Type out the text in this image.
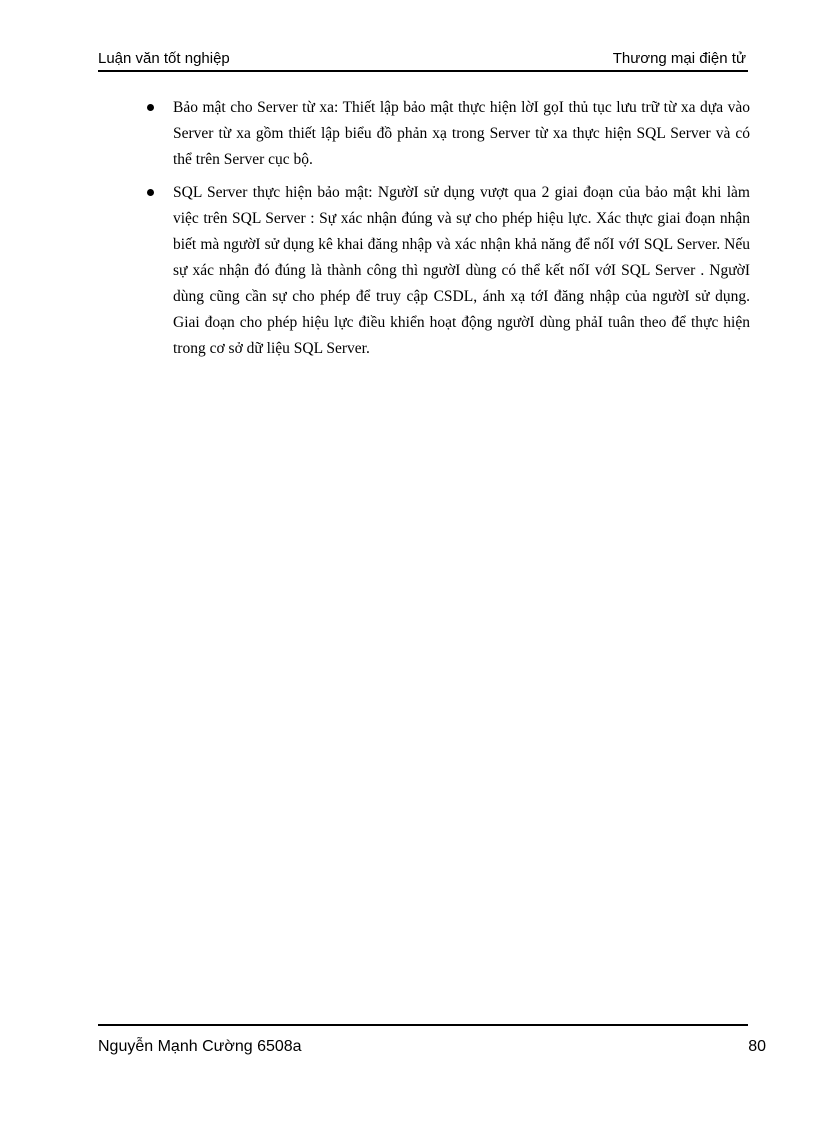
Luận văn tốt nghiệp	Thương mại điện tử
Bảo mật cho Server từ xa: Thiết lập bảo mật thực hiện lờI gọI thủ tục lưu trữ từ xa dựa vào Server từ xa gồm thiết lập biểu đồ phản xạ trong Server từ xa thực hiện SQL Server và có thể trên Server cục bộ.
SQL Server thực hiện bảo mật: NgườI sử dụng vượt qua 2 giai đoạn của bảo mật khi làm việc trên SQL Server : Sự xác nhận đúng và sự cho phép hiệu lực. Xác thực giai đoạn nhận biết mà ngườI sử dụng kê khai đăng nhập và xác nhận khả năng để nốI vớI SQL Server. Nếu sự xác nhận đó đúng là thành công thì ngườI dùng có thể kết nốI vớI SQL Server . NgườI dùng cũng cần sự cho phép để truy cập CSDL, ánh xạ tớI đăng nhập của ngườI sử dụng. Giai đoạn cho phép hiệu lực điều khiển hoạt động ngườI dùng phảI tuân theo để thực hiện trong cơ sở dữ liệu SQL Server.
Nguyễn Mạnh Cường 6508a	80
